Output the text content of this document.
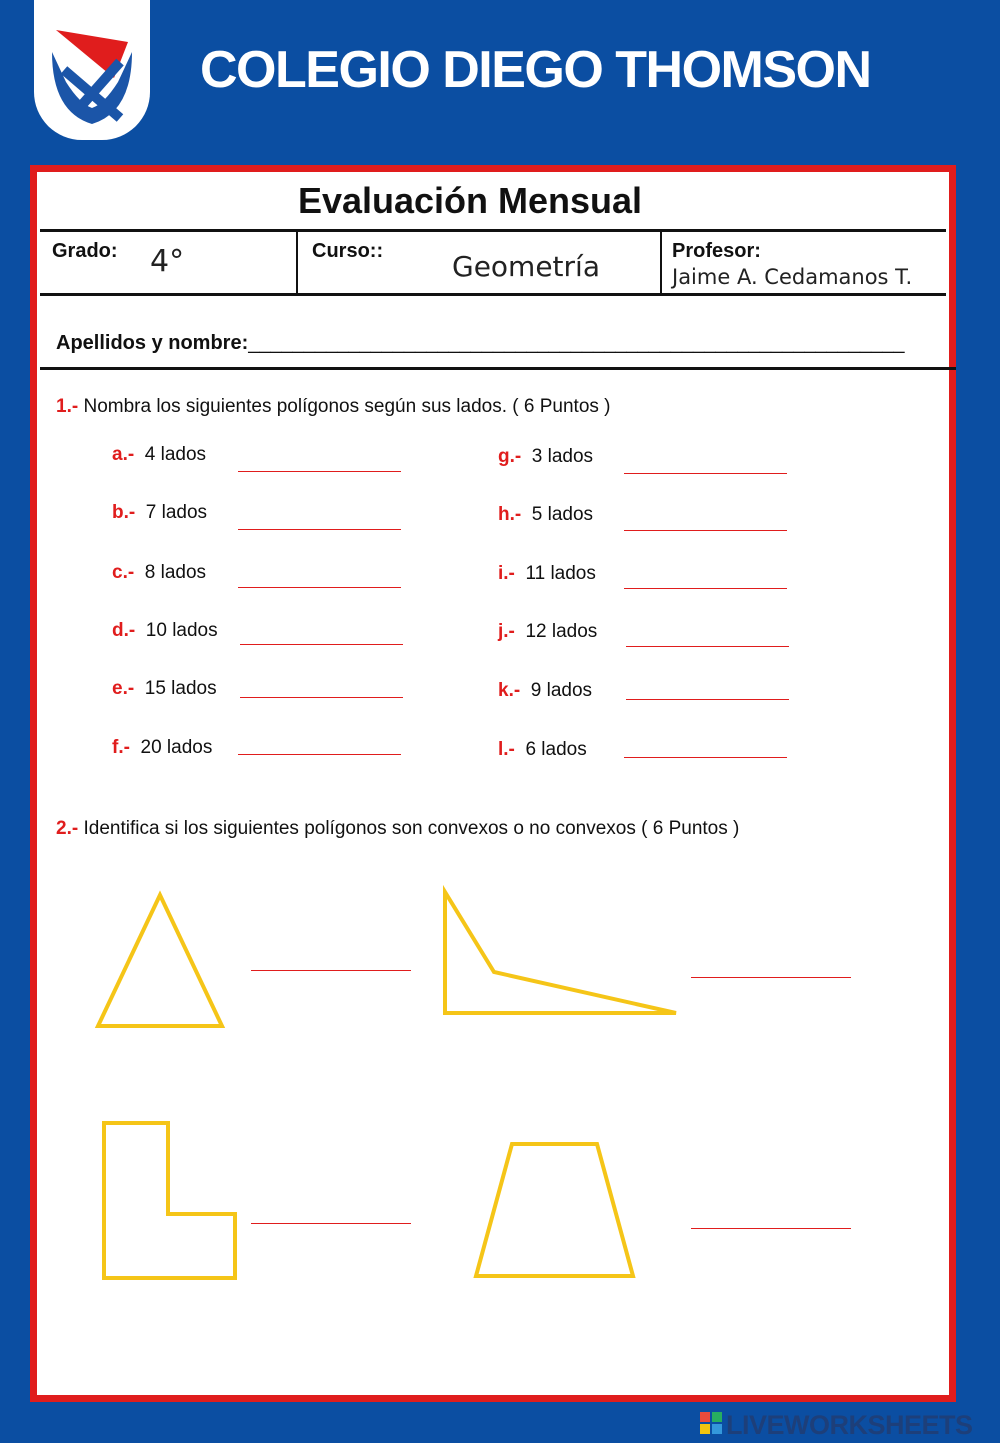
COLEGIO DIEGO THOMSON
Evaluación Mensual
Grado: 4°	Curso:: Geometría	Profesor:
Jaime A. Cedamanos T.
Apellidos y nombre:___________________________________________________________
1.- Nombra los siguientes polígonos según sus lados. ( 6 Puntos )
a.- 4 lados
b.- 7 lados
c.- 8 lados
d.- 10 lados
e.- 15 lados
f.- 20 lados
g.- 3 lados
h.- 5 lados
i.- 11 lados
j.- 12 lados
k.- 9 lados
l.- 6 lados
2.- Identifica si los siguientes polígonos son convexos o no convexos ( 6 Puntos )
LIVEWORKSHEETS
